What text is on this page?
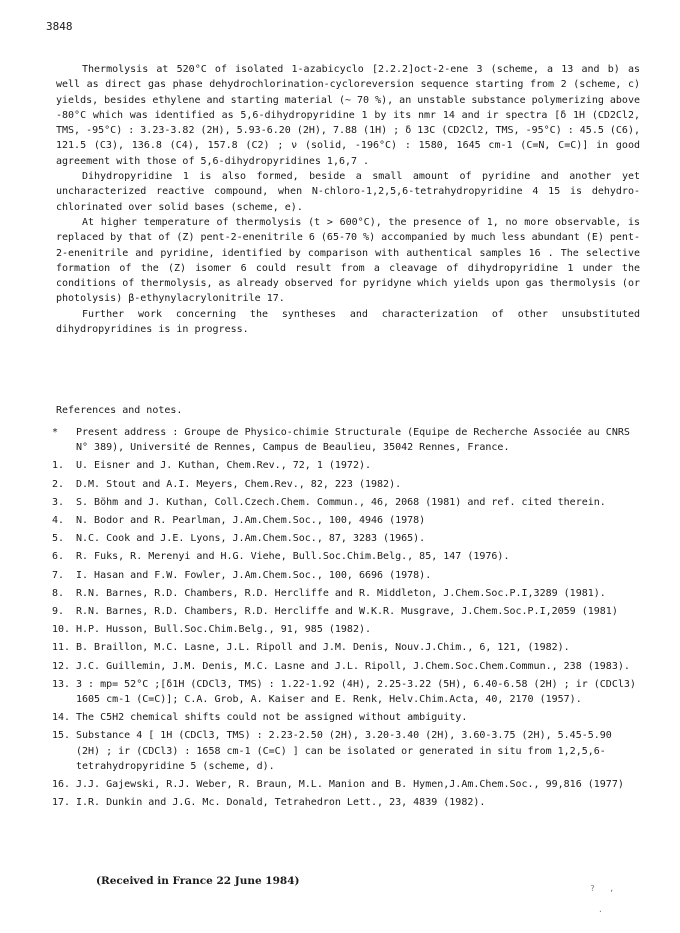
3848

Thermolysis at 520°C of isolated 1-azabicyclo [2.2.2]oct-2-ene 3 (scheme, a 13 and b) as well as direct gas phase dehydrochlorination-cycloreversion sequence starting from 2 (scheme, c) yields, besides ethylene and starting material (~ 70 %), an unstable substance polymerizing above -80°C which was identified as 5,6-dihydropyridine 1 by its nmr 14 and ir spectra [δ 1H (CD2Cl2, TMS, -95°C) : 3.23-3.82 (2H), 5.93-6.20 (2H), 7.88 (1H) ; δ 13C (CD2Cl2, TMS, -95°C) : 45.5 (C6), 121.5 (C3), 136.8 (C4), 157.8 (C2) ; ν (solid, -196°C) : 1580, 1645 cm-1 (C=N, C=C)] in good agreement with those of 5,6-dihydropyridines 1,6,7 .

Dihydropyridine 1 is also formed, beside a small amount of pyridine and another yet uncharacterized reactive compound, when N-chloro-1,2,5,6-tetrahydropyridine 4 15 is dehydro-chlorinated over solid bases (scheme, e).

At higher temperature of thermolysis (t > 600°C), the presence of 1, no more observable, is replaced by that of (Z) pent-2-enenitrile 6 (65-70 %) accompanied by much less abundant (E) pent-2-enenitrile and pyridine, identified by comparison with authentical samples 16 . The selective formation of the (Z) isomer 6 could result from a cleavage of dihydropyridine 1 under the conditions of thermolysis, as already observed for pyridyne which yields upon gas thermolysis (or photolysis) β-ethynylacrylonitrile 17.

Further work concerning the syntheses and characterization of other unsubstituted dihydropyridines is in progress.

References and notes.
*	Present address : Groupe de Physico-chimie Structurale (Equipe de Recherche Associée au CNRS N° 389), Université de Rennes, Campus de Beaulieu, 35042 Rennes, France.
1.	U. Eisner and J. Kuthan, Chem.Rev., 72, 1 (1972).
2.	D.M. Stout and A.I. Meyers, Chem.Rev., 82, 223 (1982).
3.	S. Böhm and J. Kuthan, Coll.Czech.Chem. Commun., 46, 2068 (1981) and ref. cited therein.
4.	N. Bodor and R. Pearlman, J.Am.Chem.Soc., 100, 4946 (1978)
5.	N.C. Cook and J.E. Lyons, J.Am.Chem.Soc., 87, 3283 (1965).
6.	R. Fuks, R. Merenyi and H.G. Viehe, Bull.Soc.Chim.Belg., 85, 147 (1976).
7.	I. Hasan and F.W. Fowler, J.Am.Chem.Soc., 100, 6696 (1978).
8.	R.N. Barnes, R.D. Chambers, R.D. Hercliffe and R. Middleton, J.Chem.Soc.P.I,3289 (1981).
9.	R.N. Barnes, R.D. Chambers, R.D. Hercliffe and W.K.R. Musgrave, J.Chem.Soc.P.I,2059 (1981)
10. H.P. Husson, Bull.Soc.Chim.Belg., 91, 985 (1982).
11. B. Braillon, M.C. Lasne, J.L. Ripoll and J.M. Denis, Nouv.J.Chim., 6, 121, (1982).
12. J.C. Guillemin, J.M. Denis, M.C. Lasne and J.L. Ripoll, J.Chem.Soc.Chem.Commun., 238 (1983).
13. 3 : mp= 52°C ;[δ1H (CDCl3, TMS) : 1.22-1.92 (4H), 2.25-3.22 (5H), 6.40-6.58 (2H) ; ir (CDCl3) 1605 cm-1 (C=C)]; C.A. Grob, A. Kaiser and E. Renk, Helv.Chim.Acta, 40, 2170 (1957).
14. The C5H2 chemical shifts could not be assigned without ambiguity.
15. Substance 4 [ 1H (CDCl3, TMS) : 2.23-2.50 (2H), 3.20-3.40 (2H), 3.60-3.75 (2H), 5.45-5.90 (2H) ; ir (CDCl3) : 1658 cm-1 (C=C) ] can be isolated or generated in situ from 1,2,5,6-tetrahydropyridine 5 (scheme, d).
16. J.J. Gajewski, R.J. Weber, R. Braun, M.L. Manion and B. Hymen,J.Am.Chem.Soc., 99,816 (1977)
17. I.R. Dunkin and J.G. Mc. Donald, Tetrahedron Lett., 23, 4839 (1982).
(Received in France 22 June 1984)
?   ,
.
